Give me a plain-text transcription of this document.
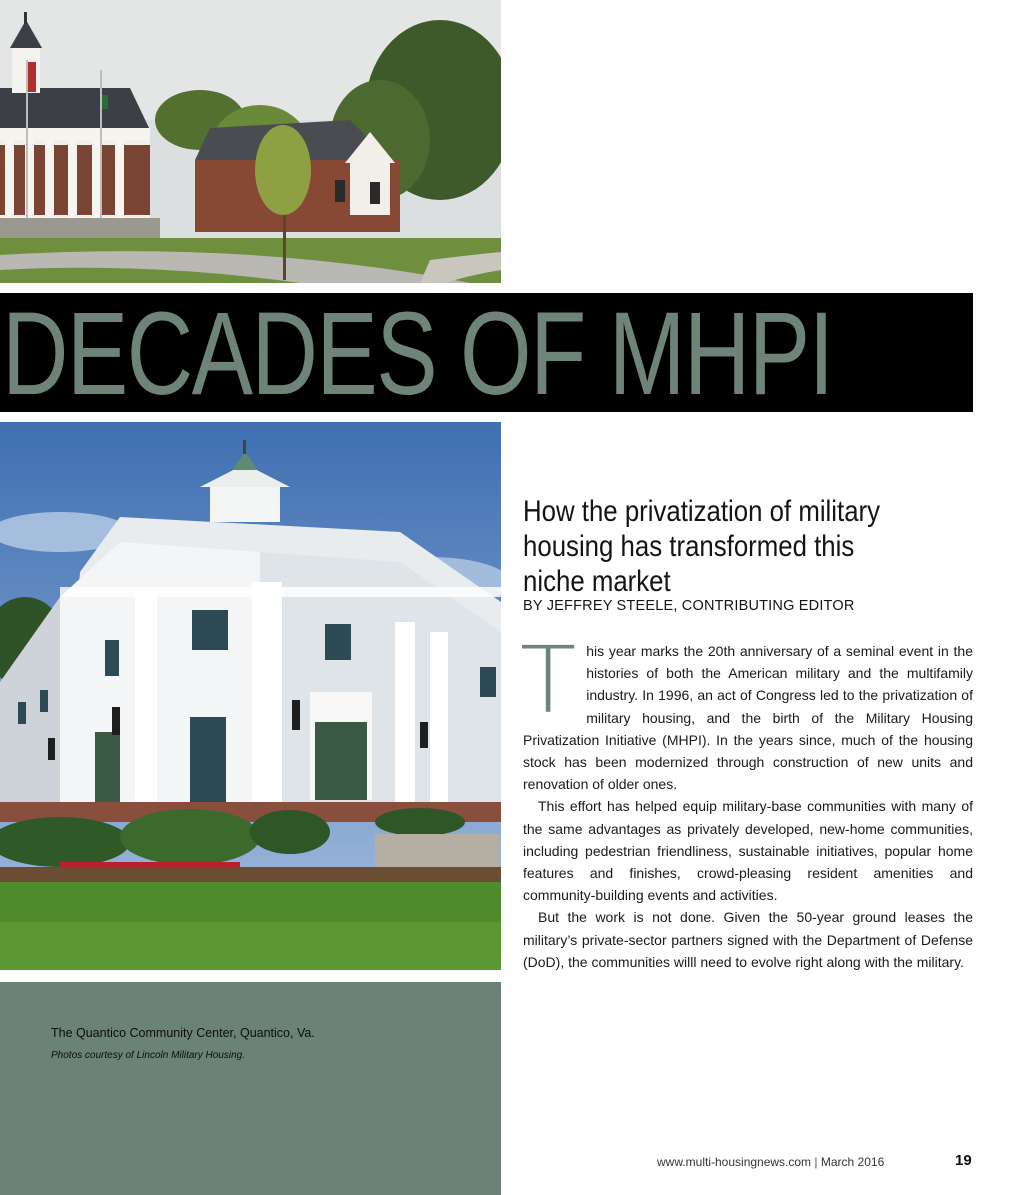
DECADES OF MHPI
The Quantico Community Center, Quantico, Va.
Photos courtesy of Lincoln Military Housing.
How the privatization of military housing has transformed this niche market
BY JEFFREY STEELE, CONTRIBUTING EDITOR

This year marks the 20th anniversary of a seminal event in the histories of both the American military and the multifamily industry. In 1996, an act of Congress led to the privatization of military housing, and the birth of the Military Housing Privatization Initiative (MHPI). In the years since, much of the housing stock has been modernized through construction of new units and renovation of older ones.

This effort has helped equip military-base communities with many of the same advantages as privately developed, new-home communities, including pedestrian friendliness, sustainable initiatives, popular home features and finishes, crowd-pleasing resident amenities and community-building events and activities.

But the work is not done. Given the 50-year ground leases the military’s private-sector partners signed with the Department of Defense (DoD), the communities willl need to evolve right along with the military.

www.multi-housingnews.com | March 2016	19
